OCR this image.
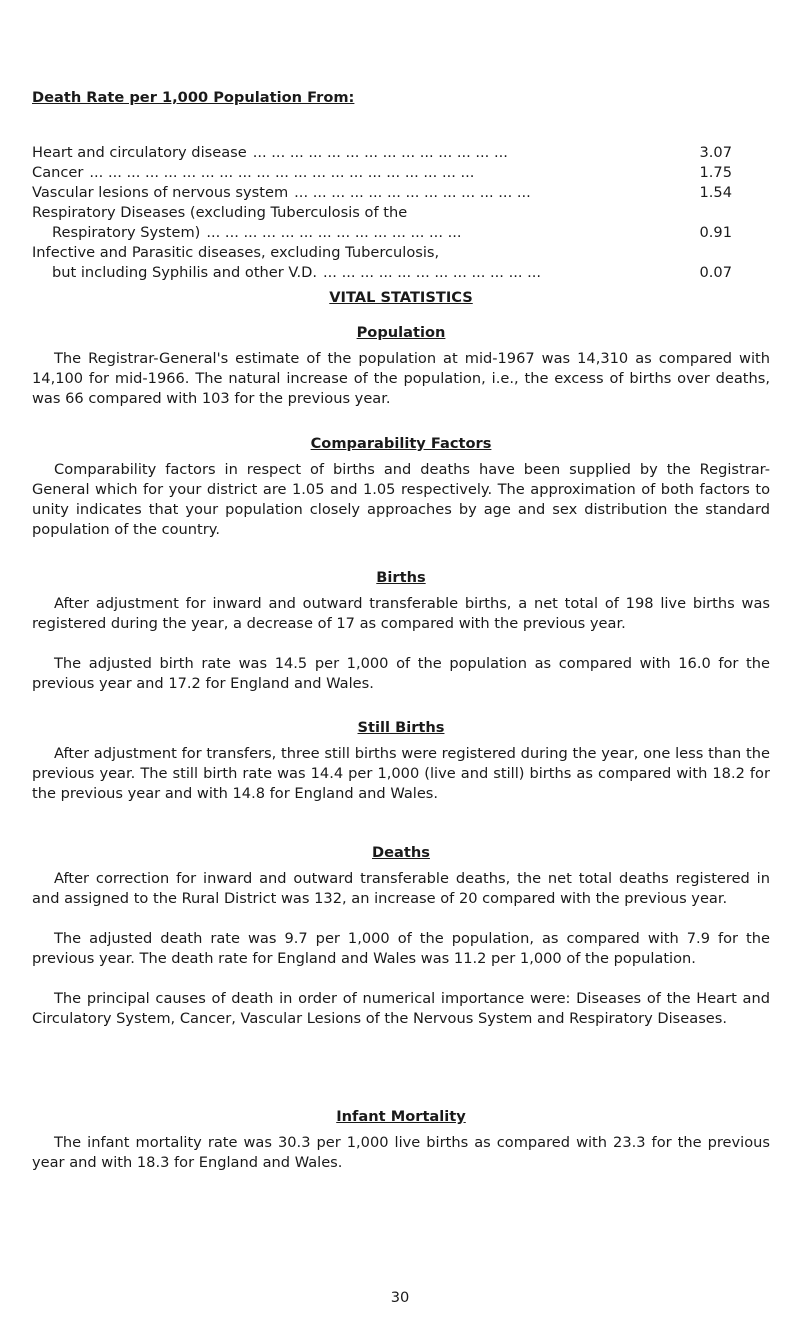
Death Rate per 1,000 Population From:
Heart and circulatory disease ... ... ... ... ... ... ... ... ... ... ... ... ... ...	3.07
Cancer ... ... ... ... ... ... ... ... ... ... ... ... ... ... ... ... ... ... ... ... ...	1.75
Vascular lesions of nervous system ... ... ... ... ... ... ... ... ... ... ... ... ...	1.54
Respiratory Diseases (excluding Tuberculosis of the
Respiratory System) ... ... ... ... ... ... ... ... ... ... ... ... ... ...	0.91
Infective and Parasitic diseases, excluding Tuberculosis,
but including Syphilis and other V.D. ... ... ... ... ... ... ... ... ... ... ... ...	0.07
VITAL STATISTICS
Population

The Registrar-General's estimate of the population at mid-1967 was 14,310 as compared with 14,100 for mid-1966. The natural increase of the population, i.e., the excess of births over deaths, was 66 compared with 103 for the previous year.

Comparability Factors

Comparability factors in respect of births and deaths have been supplied by the Registrar-General which for your district are 1.05 and 1.05 respectively. The approximation of both factors to unity indicates that your population closely approaches by age and sex distribution the standard population of the country.

Births

After adjustment for inward and outward transferable births, a net total of 198 live births was registered during the year, a decrease of 17 as compared with the previous year.

The adjusted birth rate was 14.5 per 1,000 of the population as compared with 16.0 for the previous year and 17.2 for England and Wales.

Still Births

After adjustment for transfers, three still births were registered during the year, one less than the previous year. The still birth rate was 14.4 per 1,000 (live and still) births as compared with 18.2 for the previous year and with 14.8 for England and Wales.

Deaths

After correction for inward and outward transferable deaths, the net total deaths registered in and assigned to the Rural District was 132, an increase of 20 compared with the previous year.

The adjusted death rate was 9.7 per 1,000 of the population, as compared with 7.9 for the previous year. The death rate for England and Wales was 11.2 per 1,000 of the population.

The principal causes of death in order of numerical importance were: Diseases of the Heart and Circulatory System, Cancer, Vascular Lesions of the Nervous System and Respiratory Diseases.

Infant Mortality

The infant mortality rate was 30.3 per 1,000 live births as compared with 23.3 for the previous year and with 18.3 for England and Wales.

30
